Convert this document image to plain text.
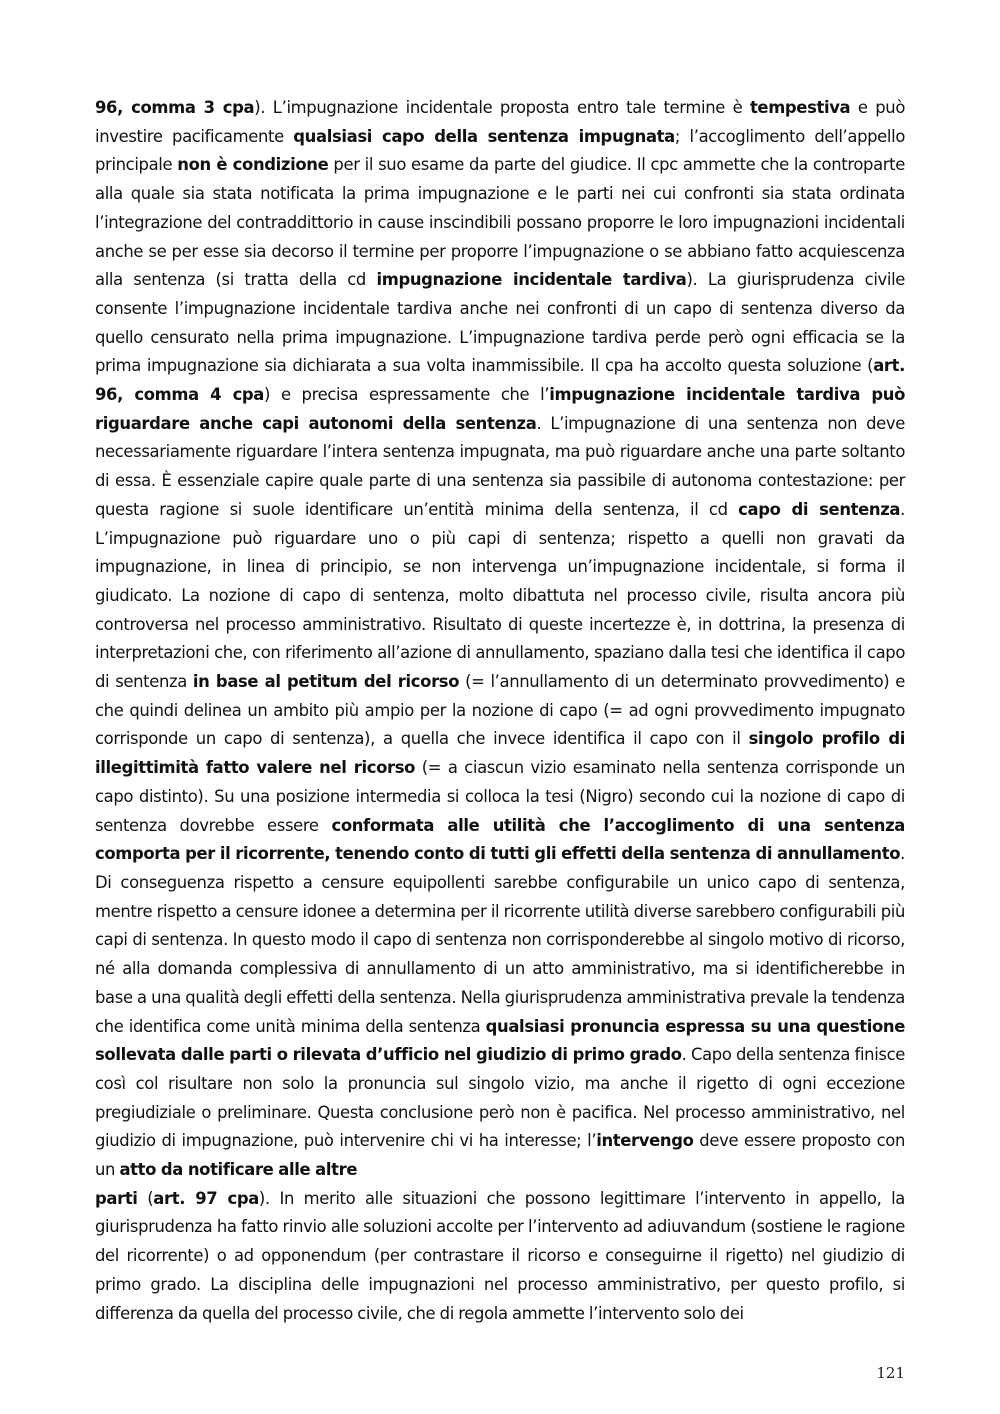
96, comma 3 cpa). L’impugnazione incidentale proposta entro tale termine è tempestiva e può investire pacificamente qualsiasi capo della sentenza impugnata; l’accoglimento dell’appello principale non è condizione per il suo esame da parte del giudice. Il cpc ammette che la controparte alla quale sia stata notificata la prima impugnazione e le parti nei cui confronti sia stata ordinata l’integrazione del contraddittorio in cause inscindibili possano proporre le loro impugnazioni incidentali anche se per esse sia decorso il termine per proporre l’impugnazione o se abbiano fatto acquiescenza alla sentenza (si tratta della cd impugnazione incidentale tardiva). La giurisprudenza civile consente l’impugnazione incidentale tardiva anche nei confronti di un capo di sentenza diverso da quello censurato nella prima impugnazione. L’impugnazione tardiva perde però ogni efficacia se la prima impugnazione sia dichiarata a sua volta inammissibile. Il cpa ha accolto questa soluzione (art. 96, comma 4 cpa) e precisa espressamente che l’impugnazione incidentale tardiva può riguardare anche capi autonomi della sentenza. L’impugnazione di una sentenza non deve necessariamente riguardare l’intera sentenza impugnata, ma può riguardare anche una parte soltanto di essa. È essenziale capire quale parte di una sentenza sia passibile di autonoma contestazione: per questa ragione si suole identificare un’entità minima della sentenza, il cd capo di sentenza. L’impugnazione può riguardare uno o più capi di sentenza; rispetto a quelli non gravati da impugnazione, in linea di principio, se non intervenga un’impugnazione incidentale, si forma il giudicato. La nozione di capo di sentenza, molto dibattuta nel processo civile, risulta ancora più controversa nel processo amministrativo. Risultato di queste incertezze è, in dottrina, la presenza di interpretazioni che, con riferimento all’azione di annullamento, spaziano dalla tesi che identifica il capo di sentenza in base al petitum del ricorso (= l’annullamento di un determinato provvedimento) e che quindi delinea un ambito più ampio per la nozione di capo (= ad ogni provvedimento impugnato corrisponde un capo di sentenza), a quella che invece identifica il capo con il singolo profilo di illegittimità fatto valere nel ricorso (= a ciascun vizio esaminato nella sentenza corrisponde un capo distinto). Su una posizione intermedia si colloca la tesi (Nigro) secondo cui la nozione di capo di sentenza dovrebbe essere conformata alle utilità che l’accoglimento di una sentenza comporta per il ricorrente, tenendo conto di tutti gli effetti della sentenza di annullamento. Di conseguenza rispetto a censure equipollenti sarebbe configurabile un unico capo di sentenza, mentre rispetto a censure idonee a determina per il ricorrente utilità diverse sarebbero configurabili più capi di sentenza. In questo modo il capo di sentenza non corrisponderebbe al singolo motivo di ricorso, né alla domanda complessiva di annullamento di un atto amministrativo, ma si identificherebbe in base a una qualità degli effetti della sentenza. Nella giurisprudenza amministrativa prevale la tendenza che identifica come unità minima della sentenza qualsiasi pronuncia espressa su una questione sollevata dalle parti o rilevata d’ufficio nel giudizio di primo grado. Capo della sentenza finisce così col risultare non solo la pronuncia sul singolo vizio, ma anche il rigetto di ogni eccezione pregiudiziale o preliminare. Questa conclusione però non è pacifica. Nel processo amministrativo, nel giudizio di impugnazione, può intervenire chi vi ha interesse; l’intervengo deve essere proposto con un atto da notificare alle altre
parti (art. 97 cpa). In merito alle situazioni che possono legittimare l’intervento in appello, la giurisprudenza ha fatto rinvio alle soluzioni accolte per l’intervento ad adiuvandum (sostiene le ragione del ricorrente) o ad opponendum (per contrastare il ricorso e conseguirne il rigetto) nel giudizio di primo grado. La disciplina delle impugnazioni nel processo amministrativo, per questo profilo, si differenza da quella del processo civile, che di regola ammette l’intervento solo dei

121
